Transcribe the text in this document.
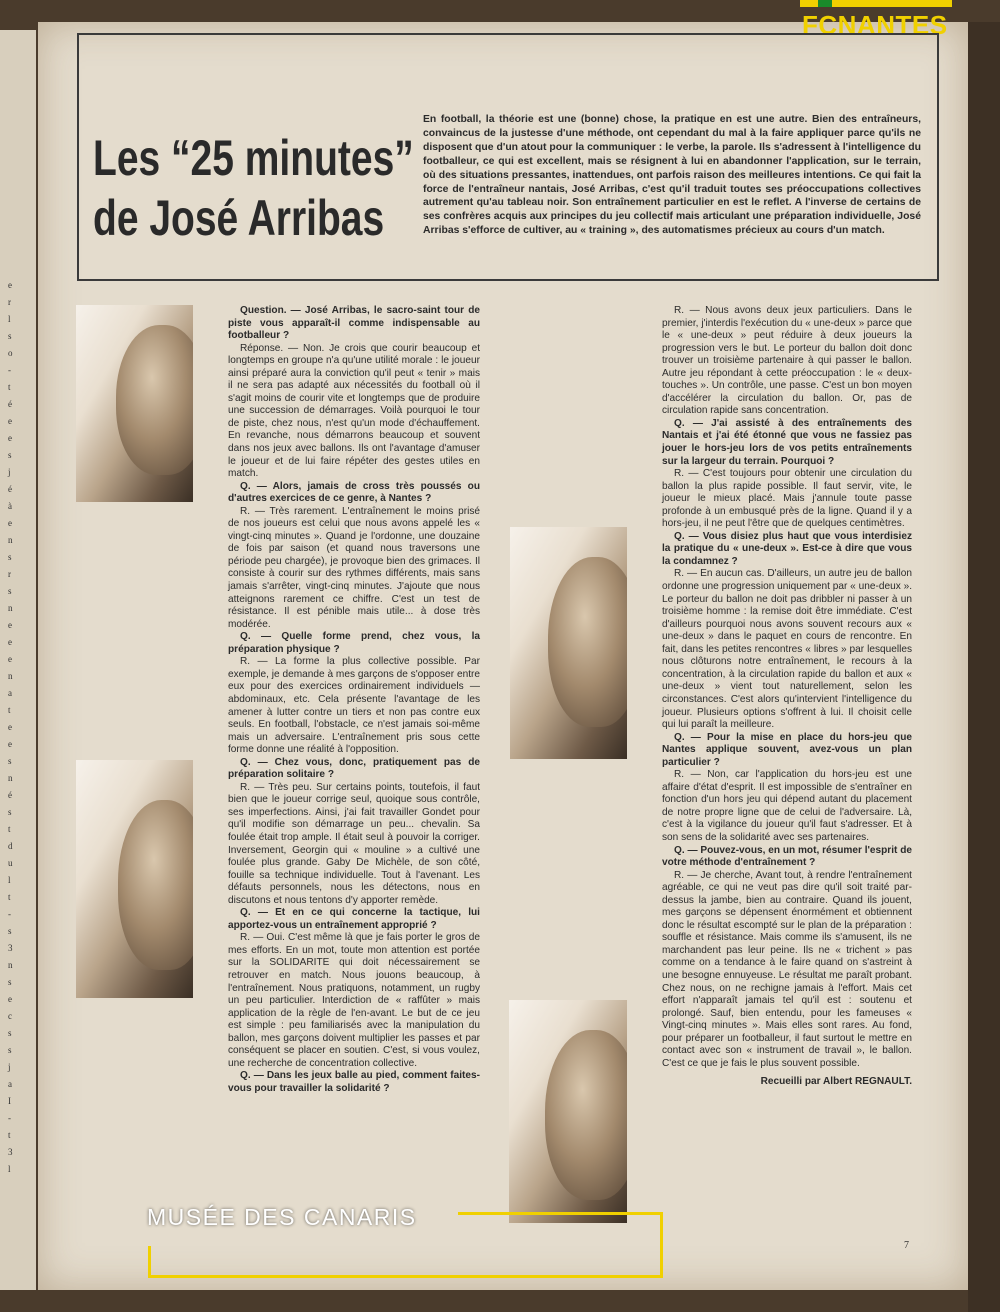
e
r
l
s
o
-
t
é
e
e
s
j
é
à
e
n
s
r
s
n
e
e
e
n
a
t
e
e
s
n
é
s
t
d
u
l
t
-
s
3
n
s
e
c
s
s
j
a
I
-
t
3
l
FCNANTES
Les “25 minutes”
de José Arribas
En football, la théorie est une (bonne) chose, la pratique en est une autre. Bien des entraîneurs, convaincus de la justesse d'une méthode, ont cependant du mal à la faire appliquer parce qu'ils ne disposent que d'un atout pour la communiquer : le verbe, la parole. Ils s'adressent à l'intelligence du footballeur, ce qui est excellent, mais se résignent à lui en abandonner l'application, sur le terrain, où des situations pressantes, inattendues, ont parfois raison des meilleures intentions. Ce qui fait la force de l'entraîneur nantais, José Arribas, c'est qu'il traduit toutes ses préoccupations collectives autrement qu'au tableau noir. Son entraînement particulier en est le reflet. A l'inverse de certains de ses confrères acquis aux principes du jeu collectif mais articulant une préparation individuelle, José Arribas s'efforce de cultiver, au « training », des automatismes précieux au cours d'un match.

Question. — José Arribas, le sacro-saint tour de piste vous apparaît-il comme indispensable au footballeur ?

Réponse. — Non. Je crois que courir beaucoup et longtemps en groupe n'a qu'une utilité morale : le joueur ainsi préparé aura la conviction qu'il peut « tenir » mais il ne sera pas adapté aux nécessités du football où il s'agit moins de courir vite et longtemps que de produire une succession de démarrages. Voilà pourquoi le tour de piste, chez nous, n'est qu'un mode d'échauffement. En revanche, nous démarrons beaucoup et souvent dans nos jeux avec ballons. Ils ont l'avantage d'amuser le joueur et de lui faire répéter des gestes utiles en match.

Q. — Alors, jamais de cross très poussés ou d'autres exercices de ce genre, à Nantes ?

R. — Très rarement. L'entraînement le moins prisé de nos joueurs est celui que nous avons appelé les « vingt-cinq minutes ». Quand je l'ordonne, une douzaine de fois par saison (et quand nous traversons une période peu chargée), je provoque bien des grimaces. Il consiste à courir sur des rythmes différents, mais sans jamais s'arrêter, vingt-cinq minutes. J'ajoute que nous atteignons rarement ce chiffre. C'est un test de résistance. Il est pénible mais utile... à dose très modérée.

Q. — Quelle forme prend, chez vous, la préparation physique ?

R. — La forme la plus collective possible. Par exemple, je demande à mes garçons de s'opposer entre eux pour des exercices ordinairement individuels — abdominaux, etc. Cela présente l'avantage de les amener à lutter contre un tiers et non pas contre eux seuls. En football, l'obstacle, ce n'est jamais soi-même mais un adversaire. L'entraînement pris sous cette forme donne une réalité à l'opposition.

Q. — Chez vous, donc, pratiquement pas de préparation solitaire ?

R. — Très peu. Sur certains points, toutefois, il faut bien que le joueur corrige seul, quoique sous contrôle, ses imperfections. Ainsi, j'ai fait travailler Gondet pour qu'il modifie son démarrage un peu... chevalin. Sa foulée était trop ample. Il était seul à pouvoir la corriger. Inversement, Georgin qui « mouline » a cultivé une foulée plus grande. Gaby De Michèle, de son côté, fouille sa technique individuelle. Tout à l'avenant. Les défauts personnels, nous les détectons, nous en discutons et nous tentons d'y apporter remède.

Q. — Et en ce qui concerne la tactique, lui apportez-vous un entraînement approprié ?

R. — Oui. C'est même là que je fais porter le gros de mes efforts. En un mot, toute mon attention est portée sur la SOLIDARITE qui doit nécessairement se retrouver en match. Nous jouons beaucoup, à l'entraînement. Nous pratiquons, notamment, un rugby un peu particulier. Interdiction de « raffûter » mais application de la règle de l'en-avant. Le but de ce jeu est simple : peu familiarisés avec la manipulation du ballon, mes garçons doivent multiplier les passes et par conséquent se placer en soutien. C'est, si vous voulez, une recherche de concentration collective.

Q. — Dans les jeux balle au pied, comment faites-vous pour travailler la solidarité ?

R. — Nous avons deux jeux particuliers. Dans le premier, j'interdis l'exécution du « une-deux » parce que le « une-deux » peut réduire à deux joueurs la progression vers le but. Le porteur du ballon doit donc trouver un troisième partenaire à qui passer le ballon. Autre jeu répondant à cette préoccupation : le « deux-touches ». Un contrôle, une passe. C'est un bon moyen d'accélérer la circulation du ballon. Or, pas de circulation rapide sans concentration.

Q. — J'ai assisté à des entraînements des Nantais et j'ai été étonné que vous ne fassiez pas jouer le hors-jeu lors de vos petits entraînements sur la largeur du terrain. Pourquoi ?

R. — C'est toujours pour obtenir une circulation du ballon la plus rapide possible. Il faut servir, vite, le joueur le mieux placé. Mais j'annule toute passe profonde à un embusqué près de la ligne. Quand il y a hors-jeu, il ne peut l'être que de quelques centimètres.

Q. — Vous disiez plus haut que vous interdisiez la pratique du « une-deux ». Est-ce à dire que vous la condamnez ?

R. — En aucun cas. D'ailleurs, un autre jeu de ballon ordonne une progression uniquement par « une-deux ». Le porteur du ballon ne doit pas dribbler ni passer à un troisième homme : la remise doit être immédiate. C'est d'ailleurs pourquoi nous avons souvent recours aux « une-deux » dans le paquet en cours de rencontre. En fait, dans les petites rencontres « libres » par lesquelles nous clôturons notre entraînement, le recours à la concentration, à la circulation rapide du ballon et aux « une-deux » vient tout naturellement, selon les circonstances. C'est alors qu'intervient l'intelligence du joueur. Plusieurs options s'offrent à lui. Il choisit celle qui lui paraît la meilleure.

Q. — Pour la mise en place du hors-jeu que Nantes applique souvent, avez-vous un plan particulier ?

R. — Non, car l'application du hors-jeu est une affaire d'état d'esprit. Il est impossible de s'entraîner en fonction d'un hors jeu qui dépend autant du placement de notre propre ligne que de celui de l'adversaire. Là, c'est à la vigilance du joueur qu'il faut s'adresser. Et à son sens de la solidarité avec ses partenaires.

Q. — Pouvez-vous, en un mot, résumer l'esprit de votre méthode d'entraînement ?

R. — Je cherche, Avant tout, à rendre l'entraînement agréable, ce qui ne veut pas dire qu'il soit traité par-dessus la jambe, bien au contraire. Quand ils jouent, mes garçons se dépensent énormément et obtiennent donc le résultat escompté sur le plan de la préparation : souffle et résistance. Mais comme ils s'amusent, ils ne marchandent pas leur peine. Ils ne « trichent » pas comme on a tendance à le faire quand on s'astreint à une besogne ennuyeuse. Le résultat me paraît probant. Chez nous, on ne rechigne jamais à l'effort. Mais cet effort n'apparaît jamais tel qu'il est : soutenu et prolongé. Sauf, bien entendu, pour les fameuses « Vingt-cinq minutes ». Mais elles sont rares. Au fond, pour préparer un footballeur, il faut surtout le mettre en contact avec son « instrument de travail », le ballon. C'est ce que je fais le plus souvent possible.

Recueilli par Albert REGNAULT.
7
MUSÉE DES CANARIS
